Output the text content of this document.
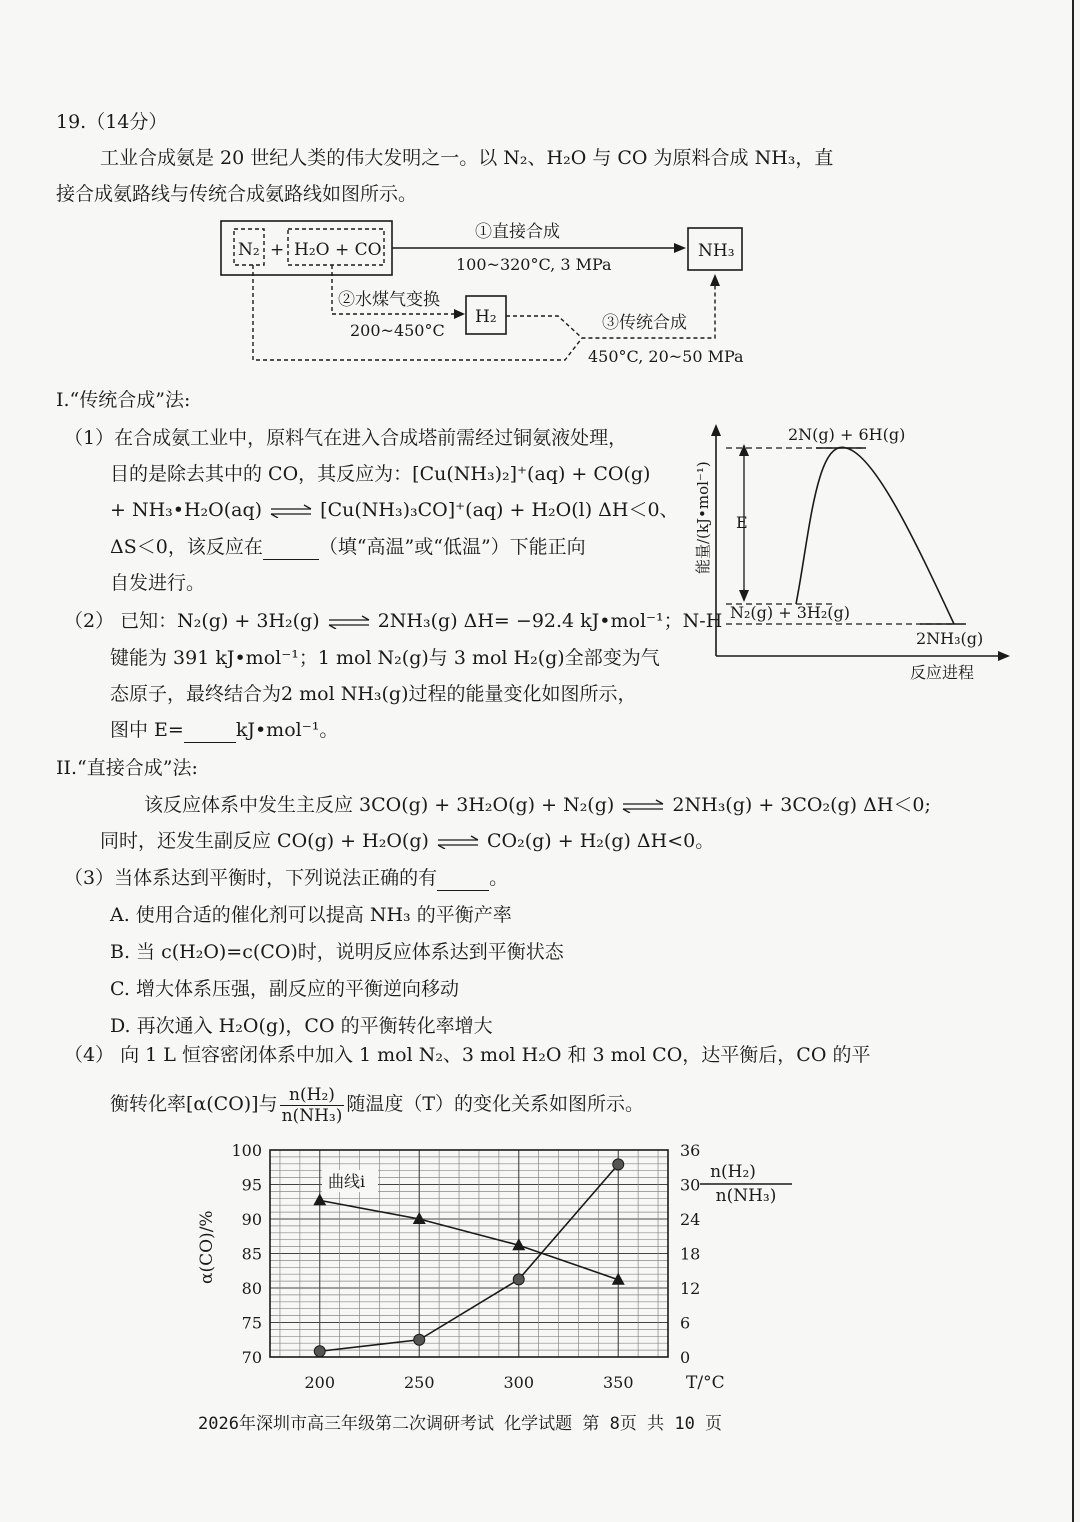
19.（14分）
工业合成氨是 20 世纪人类的伟大发明之一。以 N₂、H₂O 与 CO 为原料合成 NH₃，直
接合成氨路线与传统合成氨路线如图所示。
N₂ + H₂O + CO
①直接合成
100~320°C, 3 MPa
NH₃
②水煤气变换
200~450°C
H₂	③传统合成
450°C, 20~50 MPa
I.“传统合成”法:
（1）在合成氨工业中，原料气在进入合成塔前需经过铜氨液处理，
目的是除去其中的 CO，其反应为：[Cu(NH₃)₂]⁺(aq) + CO(g)
+ NH₃•H₂O(aq) ⇌ [Cu(NH₃)₃CO]⁺(aq) + H₂O(l) ΔH＜0、
ΔS＜0，该反应在	（填“高温”或“低温”）下能正向
自发进行。
（2） 已知：N₂(g) + 3H₂(g) ⇌ 2NH₃(g) ΔH= −92.4 kJ•mol⁻¹；N-H
键能为 391 kJ•mol⁻¹；1 mol N₂(g)与 3 mol H₂(g)全部变为气
态原子，最终结合为2 mol NH₃(g)过程的能量变化如图所示，
图中 E=	kJ•mol⁻¹。
能量/(kJ•mol⁻¹)
2N(g) + 6H(g)
E
N₂(g) + 3H₂(g)
2NH₃(g)
反应进程
II.“直接合成”法:
该反应体系中发生主反应 3CO(g) + 3H₂O(g) + N₂(g) ⇌ 2NH₃(g) + 3CO₂(g) ΔH＜0;
同时，还发生副反应 CO(g) + H₂O(g) ⇌ CO₂(g) + H₂(g) ΔH<0。
（3）当体系达到平衡时，下列说法正确的有	。
A. 使用合适的催化剂可以提高 NH₃ 的平衡产率
B. 当 c(H₂O)=c(CO)时，说明反应体系达到平衡状态
C. 增大体系压强，副反应的平衡逆向移动
D. 再次通入 H₂O(g)，CO 的平衡转化率增大
（4） 向 1 L 恒容密闭体系中加入 1 mol N₂、3 mol H₂O 和 3 mol CO，达平衡后，CO 的平
衡转化率[α(CO)]与 $\frac{\text{n(H₂)}}{\text{n(NH₃)}}$ 随温度（T）的变化关系如图所示。
α(CO)/%
n(H₂)
n(NH₃)
T/°C
100
95
90
85
80
75
70
36
30
24
18
12
6
0
200	250	300	350
曲线i
2026年深圳市高三年级第二次调研考试 化学试题 第 8页 共 10 页
